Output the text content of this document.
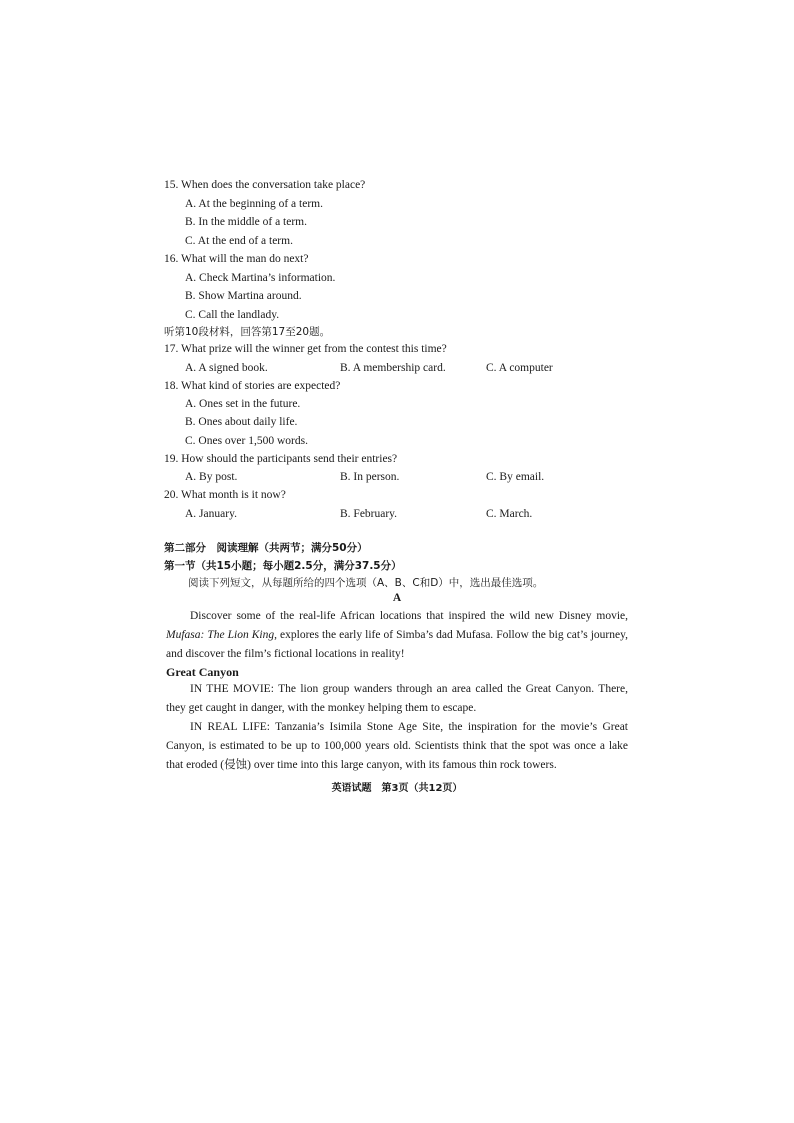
15. When does the conversation take place?
A. At the beginning of a term.
B. In the middle of a term.
C. At the end of a term.
16. What will the man do next?
A. Check Martina’s information.
B. Show Martina around.
C. Call the landlady.
听第10段材料，回答第17至20题。
17. What prize will the winner get from the contest this time?
A. A signed book.	B. A membership card.	C. A computer
18. What kind of stories are expected?
A. Ones set in the future.
B. Ones about daily life.
C. Ones over 1,500 words.
19. How should the participants send their entries?
A. By post.	B. In person.	C. By email.
20. What month is it now?
A. January.	B. February.	C. March.
第二部分　阅读理解（共两节；满分50分）
第一节（共15小题；每小题2.5分，满分37.5分）
阅读下列短文，从每题所给的四个选项（A、B、C和D）中，选出最佳选项。
A
Discover some of the real-life African locations that inspired the wild new Disney movie, Mufasa: The Lion King, explores the early life of Simba’s dad Mufasa. Follow the big cat’s journey, and discover the film’s fictional locations in reality!
Great Canyon
IN THE MOVIE: The lion group wanders through an area called the Great Canyon. There, they get caught in danger, with the monkey helping them to escape.
IN REAL LIFE: Tanzania’s Isimila Stone Age Site, the inspiration for the movie’s Great Canyon, is estimated to be up to 100,000 years old. Scientists think that the spot was once a lake that eroded (侵蚀) over time into this large canyon, with its famous thin rock towers.
英语试题　第3页（共12页）
